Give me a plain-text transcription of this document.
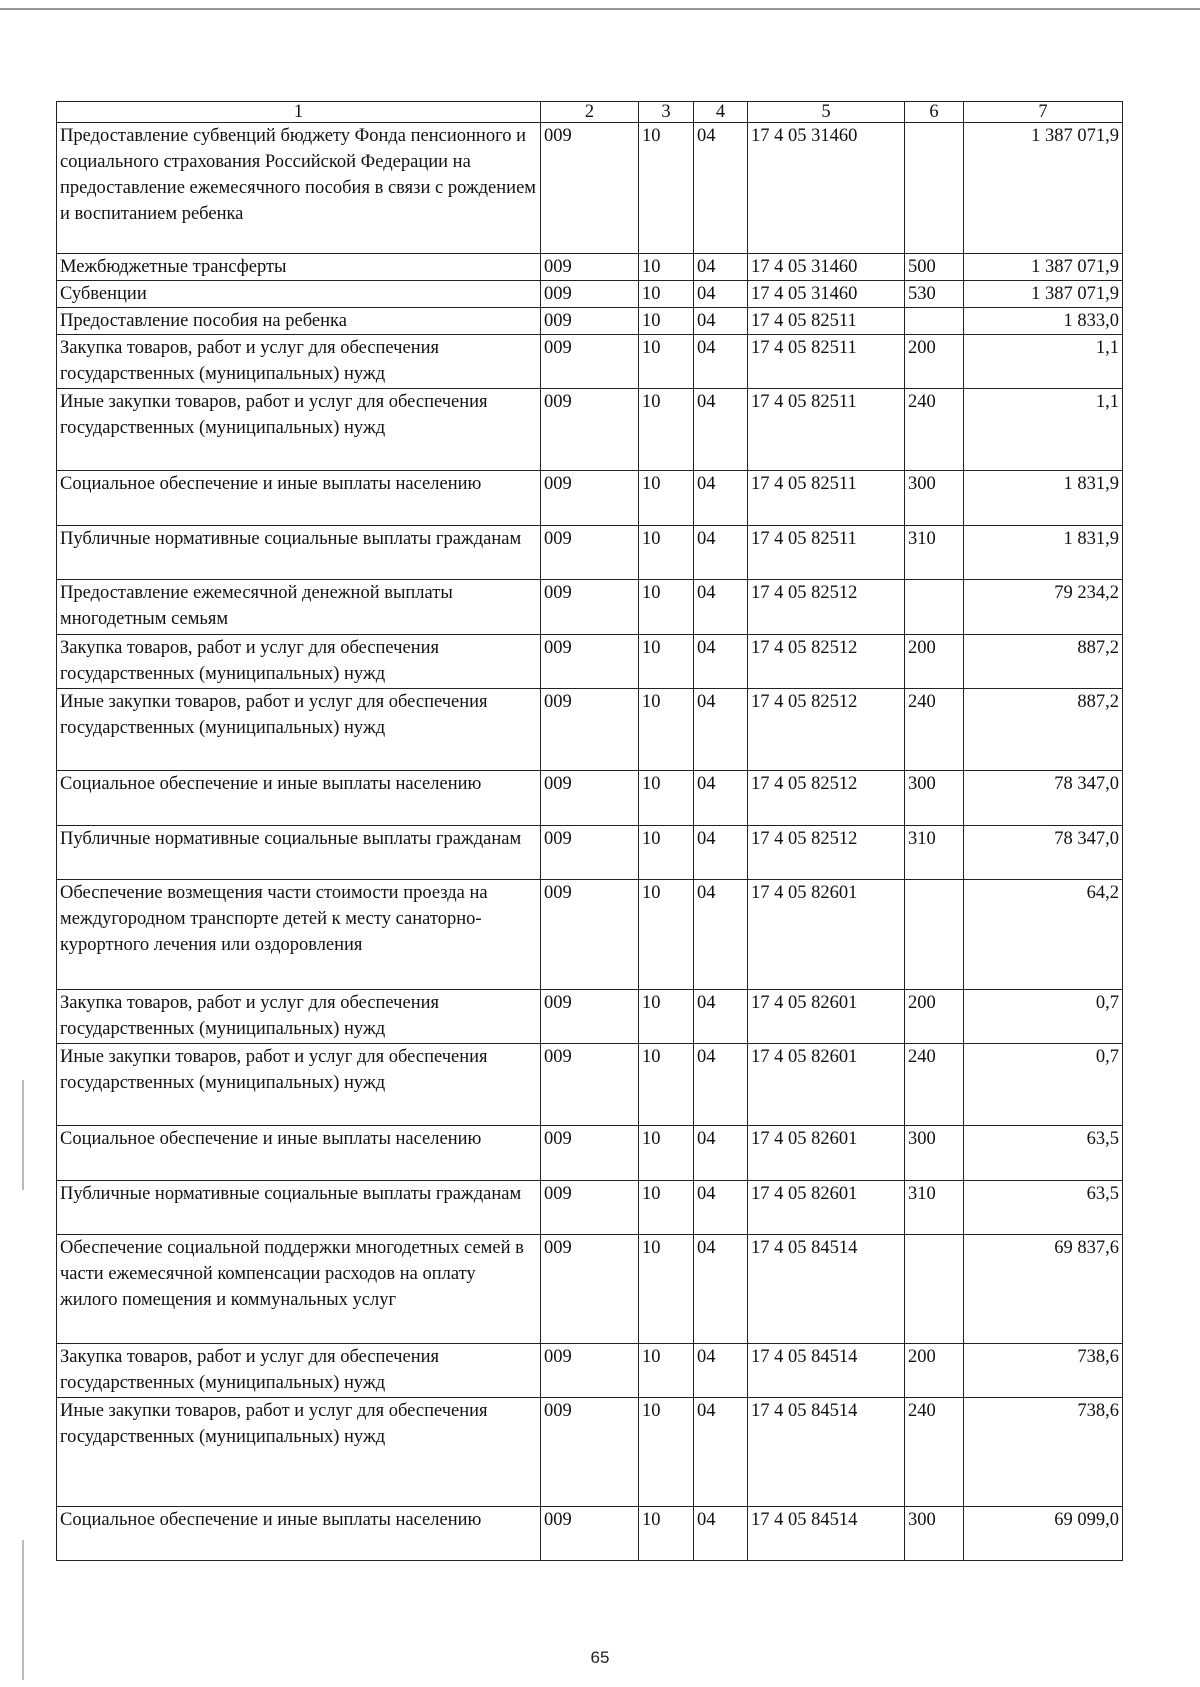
1	2	3	4	5	6	7
Предоставление субвенций бюджету Фонда пенсионного и социального страхования Российской Федерации на предоставление ежемесячного пособия в связи с рождением и воспитанием ребенка	009	10	04	17 4 05 31460		1 387 071,9
Межбюджетные трансферты	009	10	04	17 4 05 31460	500	1 387 071,9
Субвенции	009	10	04	17 4 05 31460	530	1 387 071,9
Предоставление пособия на ребенка	009	10	04	17 4 05 82511		1 833,0
Закупка товаров, работ и услуг для обеспечения государственных (муниципальных) нужд	009	10	04	17 4 05 82511	200	1,1
Иные закупки товаров, работ и услуг для обеспечения государственных (муниципальных) нужд	009	10	04	17 4 05 82511	240	1,1
Социальное обеспечение и иные выплаты населению	009	10	04	17 4 05 82511	300	1 831,9
Публичные нормативные социальные выплаты гражданам	009	10	04	17 4 05 82511	310	1 831,9
Предоставление ежемесячной денежной выплаты многодетным семьям	009	10	04	17 4 05 82512		79 234,2
Закупка товаров, работ и услуг для обеспечения государственных (муниципальных) нужд	009	10	04	17 4 05 82512	200	887,2
Иные закупки товаров, работ и услуг для обеспечения государственных (муниципальных) нужд	009	10	04	17 4 05 82512	240	887,2
Социальное обеспечение и иные выплаты населению	009	10	04	17 4 05 82512	300	78 347,0
Публичные нормативные социальные выплаты гражданам	009	10	04	17 4 05 82512	310	78 347,0
Обеспечение возмещения части стоимости проезда на междугородном транспорте детей к месту санаторно-курортного лечения или оздоровления	009	10	04	17 4 05 82601		64,2
Закупка товаров, работ и услуг для обеспечения государственных (муниципальных) нужд	009	10	04	17 4 05 82601	200	0,7
Иные закупки товаров, работ и услуг для обеспечения государственных (муниципальных) нужд	009	10	04	17 4 05 82601	240	0,7
Социальное обеспечение и иные выплаты населению	009	10	04	17 4 05 82601	300	63,5
Публичные нормативные социальные выплаты гражданам	009	10	04	17 4 05 82601	310	63,5
Обеспечение социальной поддержки многодетных семей в части ежемесячной компенсации расходов на оплату жилого помещения и коммунальных услуг	009	10	04	17 4 05 84514		69 837,6
Закупка товаров, работ и услуг для обеспечения государственных (муниципальных) нужд	009	10	04	17 4 05 84514	200	738,6
Иные закупки товаров, работ и услуг для обеспечения государственных (муниципальных) нужд	009	10	04	17 4 05 84514	240	738,6
Социальное обеспечение и иные выплаты населению	009	10	04	17 4 05 84514	300	69 099,0
65
